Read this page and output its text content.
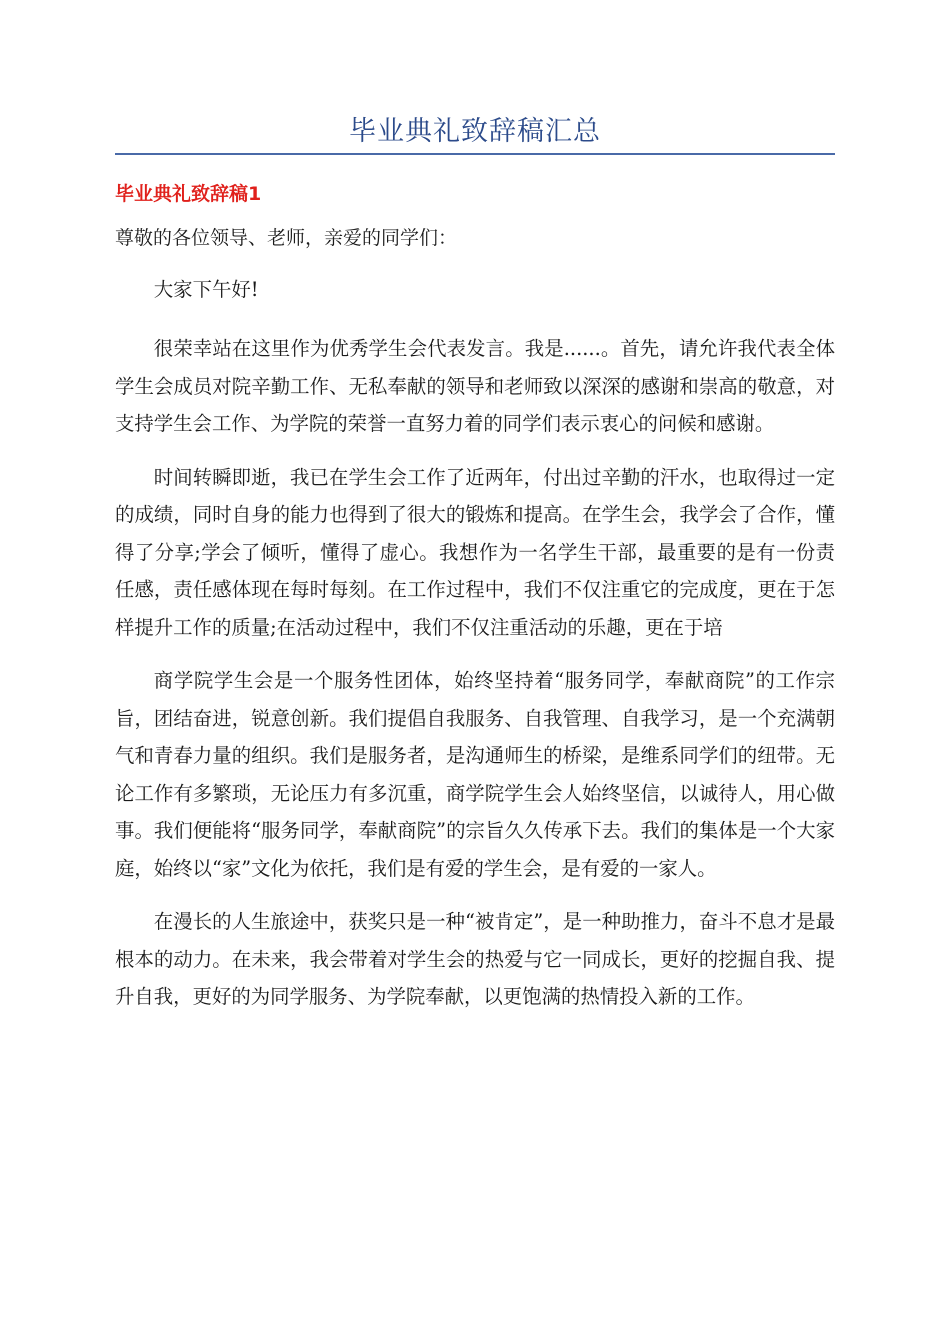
毕业典礼致辞稿汇总
毕业典礼致辞稿1
尊敬的各位领导、老师，亲爱的同学们：

大家下午好!

很荣幸站在这里作为优秀学生会代表发言。我是......。首先，请允许我代表全体学生会成员对院辛勤工作、无私奉献的领导和老师致以深深的感谢和崇高的敬意，对支持学生会工作、为学院的荣誉一直努力着的同学们表示衷心的问候和感谢。

时间转瞬即逝，我已在学生会工作了近两年，付出过辛勤的汗水，也取得过一定的成绩，同时自身的能力也得到了很大的锻炼和提高。在学生会，我学会了合作，懂得了分享;学会了倾听，懂得了虚心。我想作为一名学生干部，最重要的是有一份责任感，责任感体现在每时每刻。在工作过程中，我们不仅注重它的完成度，更在于怎样提升工作的质量;在活动过程中，我们不仅注重活动的乐趣，更在于培

商学院学生会是一个服务性团体，始终坚持着“服务同学，奉献商院”的工作宗旨，团结奋进，锐意创新。我们提倡自我服务、自我管理、自我学习，是一个充满朝气和青春力量的组织。我们是服务者，是沟通师生的桥梁，是维系同学们的纽带。无论工作有多繁琐，无论压力有多沉重，商学院学生会人始终坚信，以诚待人，用心做事。我们便能将“服务同学，奉献商院”的宗旨久久传承下去。我们的集体是一个大家庭，始终以“家”文化为依托，我们是有爱的学生会，是有爱的一家人。

在漫长的人生旅途中，获奖只是一种“被肯定”，是一种助推力，奋斗不息才是最根本的动力。在未来，我会带着对学生会的热爱与它一同成长，更好的挖掘自我、提升自我，更好的为同学服务、为学院奉献，以更饱满的热情投入新的工作。
